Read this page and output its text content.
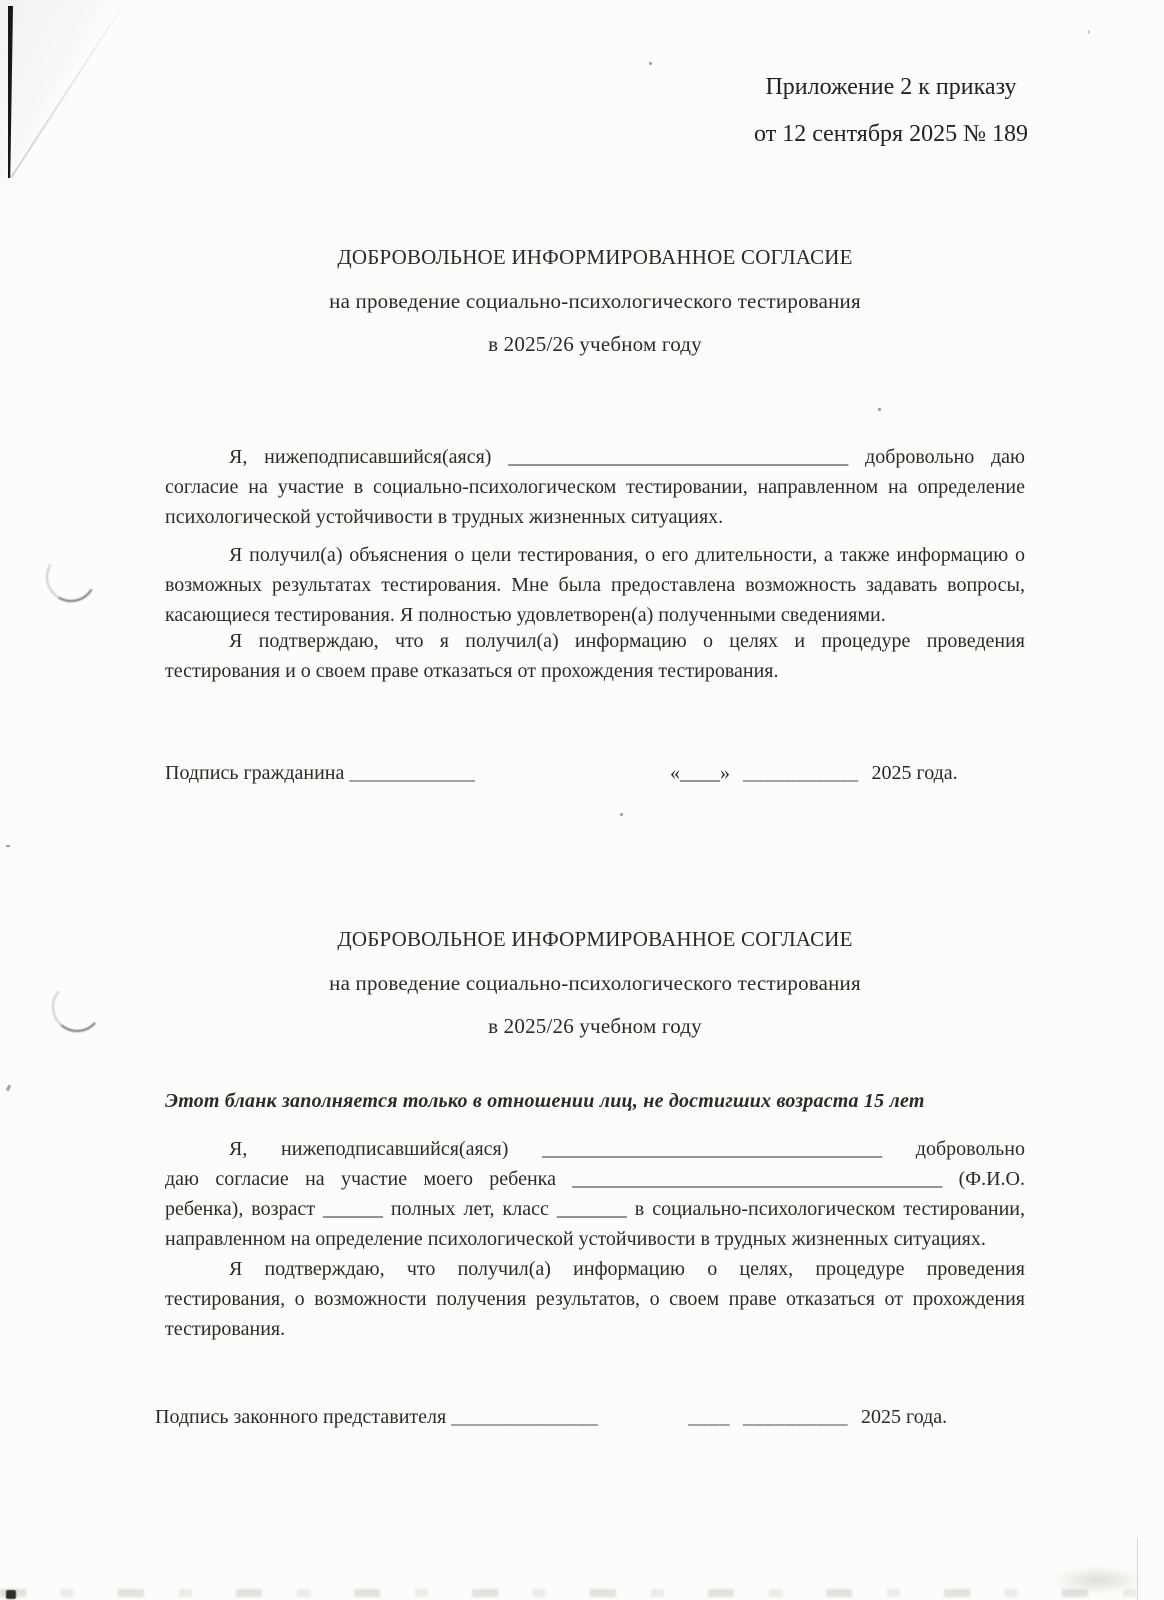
Приложение 2 к приказу
от 12 сентября 2025 № 189
ДОБРОВОЛЬНОЕ ИНФОРМИРОВАННОЕ СОГЛАСИЕ
на проведение социально-психологического тестирования
в 2025/26 учебном году
Я, нижеподписавшийся(аяся) __________________________________ добровольно даю
согласие на участие в социально-психологическом тестировании, направленном на определение
психологической устойчивости в трудных жизненных ситуациях.
Я получил(а) объяснения о цели тестирования, о его длительности, а также информацию о
возможных результатах тестирования. Мне была предоставлена возможность задавать вопросы,
касающиеся тестирования. Я полностью удовлетворен(а) полученными сведениями.
Я подтверждаю, что я получил(а) информацию о целях и процедуре проведения
тестирования и о своем праве отказаться от прохождения тестирования.
Подпись гражданина ____________	«____» ___________ 2025 года.
ДОБРОВОЛЬНОЕ ИНФОРМИРОВАННОЕ СОГЛАСИЕ
на проведение социально-психологического тестирования
в 2025/26 учебном году
Этот бланк заполняется только в отношении лиц, не достигших возраста 15 лет
Я, нижеподписавшийся(аяся) __________________________________ добровольно
даю согласие на участие моего ребенка _____________________________________ (Ф.И.О.
ребенка), возраст ______ полных лет, класс _______ в социально-психологическом тестировании,
направленном на определение психологической устойчивости в трудных жизненных ситуациях.
Я подтверждаю, что получил(а) информацию о целях, процедуре проведения
тестирования, о возможности получения результатов, о своем праве отказаться от прохождения
тестирования.
Подпись законного представителя ______________	____ __________ 2025 года.
